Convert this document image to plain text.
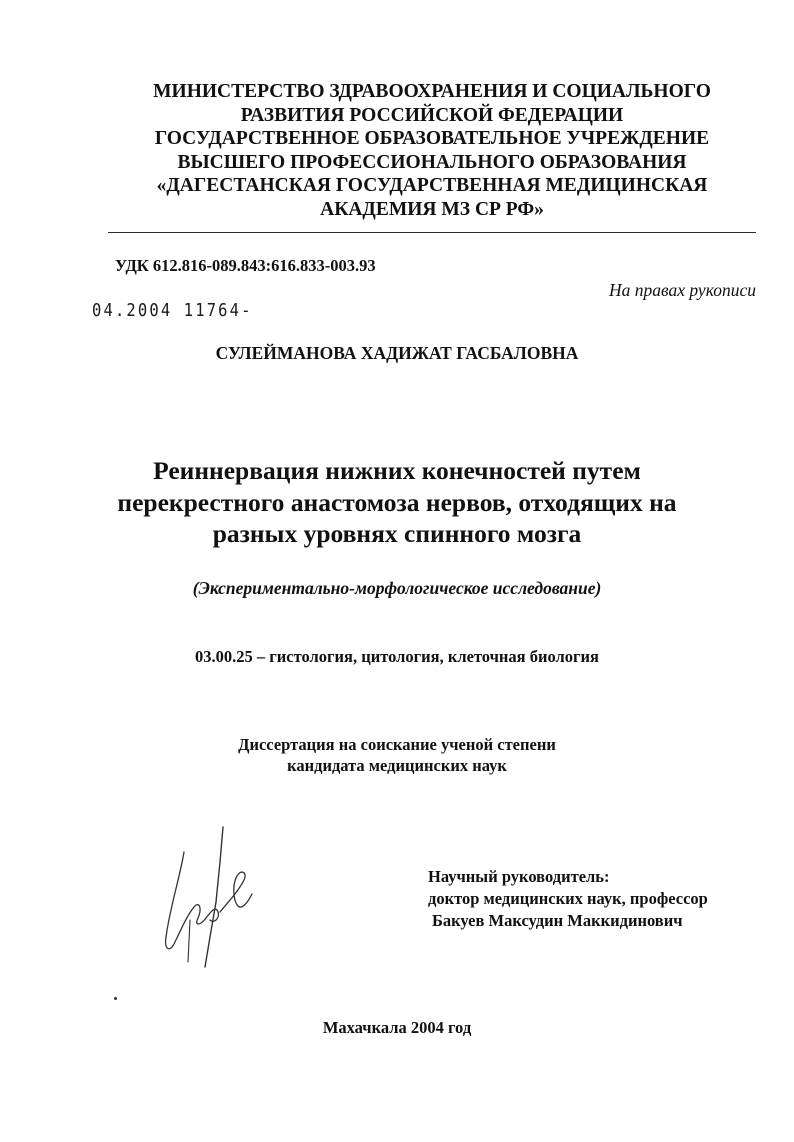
МИНИСТЕРСТВО ЗДРАВООХРАНЕНИЯ И СОЦИАЛЬНОГО
РАЗВИТИЯ РОССИЙСКОЙ ФЕДЕРАЦИИ
ГОСУДАРСТВЕННОЕ ОБРАЗОВАТЕЛЬНОЕ УЧРЕЖДЕНИЕ
ВЫСШЕГО ПРОФЕССИОНАЛЬНОГО ОБРАЗОВАНИЯ
«ДАГЕСТАНСКАЯ ГОСУДАРСТВЕННАЯ МЕДИЦИНСКАЯ
АКАДЕМИЯ МЗ СР РФ»
УДК 612.816-089.843:616.833-003.93
На правах рукописи
04.2004 11764-
СУЛЕЙМАНОВА ХАДИЖАТ ГАСБАЛОВНА
Реиннервация нижних конечностей путем
перекрестного анастомоза нервов, отходящих на
разных уровнях спинного мозга
(Экспериментально-морфологическое исследование)
03.00.25 – гистология, цитология, клеточная биология
Диссертация на соискание ученой степени
кандидата медицинских наук
Научный руководитель:
доктор медицинских наук, профессор
Бакуев Максудин Маккидинович
Махачкала 2004 год
